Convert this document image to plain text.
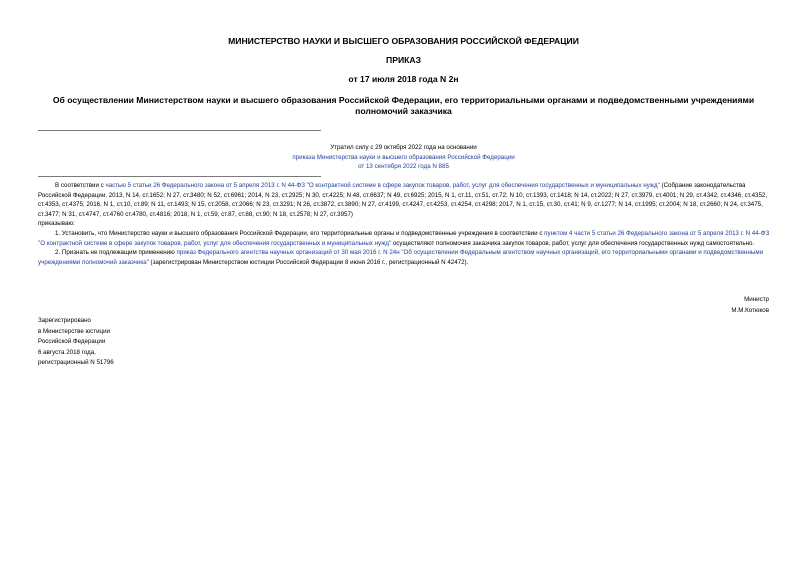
МИНИСТЕРСТВО НАУКИ И ВЫСШЕГО ОБРАЗОВАНИЯ РОССИЙСКОЙ ФЕДЕРАЦИИ
ПРИКАЗ
от 17 июля 2018 года N 2н
Об осуществлении Министерством науки и высшего образования Российской Федерации, его территориальными органами и подведомственными учреждениями полномочий заказчика
Утратил силу с 29 октября 2022 года на основании
приказа Министерства науки и высшего образования Российской Федерации
от 13 сентября 2022 года N 885

В соответствии с частью 5 статьи 26 Федерального закона от 5 апреля 2013 г. N 44-ФЗ "О контрактной системе в сфере закупок товаров, работ, услуг для обеспечения государственных и муниципальных нужд" (Собрание законодательства Российской Федерации, 2013, N 14, ст.1652; N 27, ст.3480; N 52, ст.6961; 2014, N 23, ст.2925; N 30, ст.4225; N 48, ст.6637; N 49, ст.6925; 2015, N 1, ст.11, ст.51, ст.72; N 10, ст.1393, ст.1418; N 14, ст.2022; N 27, ст.3979, ст.4001; N 29, ст.4342, ст.4346, ст.4352, ст.4353, ст.4375; 2016, N 1, ст.10, ст.89; N 11, ст.1493; N 15, ст.2058, ст.2066; N 23, ст.3291; N 26, ст.3872, ст.3890; N 27, ст.4199, ст.4247, ст.4253, ст.4254, ст.4298; 2017, N 1, ст.15, ст.30, ст.41; N 9, ст.1277; N 14, ст.1995; ст.2004; N 18, ст.2660; N 24, ст.3475, ст.3477; N 31, ст.4747, ст.4760 ст.4780, ст.4816; 2018, N 1, ст.59, ст.87, ст.88, ст.90; N 18, ст.2578; N 27, ст.3957)

приказываю:

1. Установить, что Министерство науки и высшего образования Российской Федерации, его территориальные органы и подведомственные учреждения в соответствии с пунктом 4 части 5 статьи 26 Федерального закона от 5 апреля 2013 г. N 44-ФЗ "О контрактной системе в сфере закупок товаров, работ, услуг для обеспечения государственных и муниципальных нужд" осуществляют полномочия заказчика закупок товаров, работ, услуг для обеспечения государственных нужд самостоятельно.

2. Признать не подлежащим применению приказ Федерального агентства научных организаций от 30 мая 2016 г. N 24н "Об осуществлении Федеральным агентством научных организаций, его территориальными органами и подведомственными учреждениями полномочий заказчика" (зарегистрирован Министерством юстиции Российской Федерации 8 июня 2016 г., регистрационный N 42472).

Министр
М.М.Котюков
Зарегистрировано
в Министерстве юстиции
Российской Федерации
6 августа 2018 года,
регистрационный N 51796
